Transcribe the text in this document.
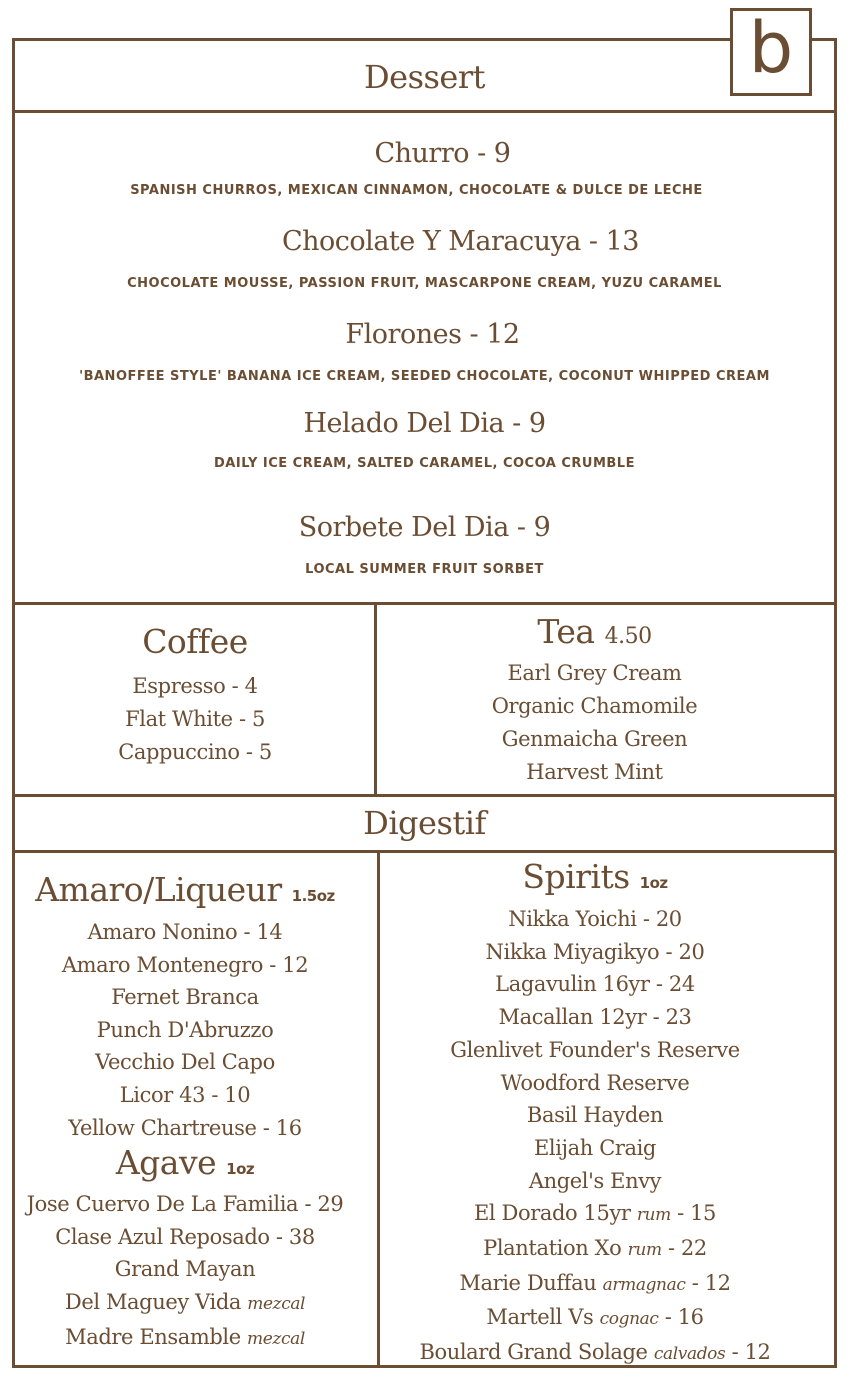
b
Dessert
Churro - 9
SPANISH CHURROS, MEXICAN CINNAMON, CHOCOLATE & DULCE DE LECHE
Chocolate Y Maracuya - 13
CHOCOLATE MOUSSE, PASSION FRUIT, MASCARPONE CREAM, YUZU CARAMEL
Florones - 12
'BANOFFEE STYLE' BANANA ICE CREAM, SEEDED CHOCOLATE, COCONUT WHIPPED CREAM
Helado Del Dia - 9
DAILY ICE CREAM, SALTED CARAMEL, COCOA CRUMBLE
Sorbete Del Dia - 9
LOCAL SUMMER FRUIT SORBET
Coffee
Espresso - 4
Flat White - 5
Cappuccino - 5
Tea 4.50
Earl Grey Cream
Organic Chamomile
Genmaicha Green
Harvest Mint
Digestif
Amaro/Liqueur 1.5oz
Amaro Nonino - 14
Amaro Montenegro - 12
Fernet Branca
Punch D'Abruzzo
Vecchio Del Capo
Licor 43 - 10
Yellow Chartreuse - 16
Agave 1oz
Jose Cuervo De La Familia - 29
Clase Azul Reposado - 38
Grand Mayan
Del Maguey Vida mezcal
Madre Ensamble mezcal
Spirits 1oz
Nikka Yoichi - 20
Nikka Miyagikyo - 20
Lagavulin 16yr - 24
Macallan 12yr - 23
Glenlivet Founder's Reserve
Woodford Reserve
Basil Hayden
Elijah Craig
Angel's Envy
El Dorado 15yr rum - 15
Plantation Xo rum - 22
Marie Duffau armagnac - 12
Martell Vs cognac - 16
Boulard Grand Solage calvados - 12
